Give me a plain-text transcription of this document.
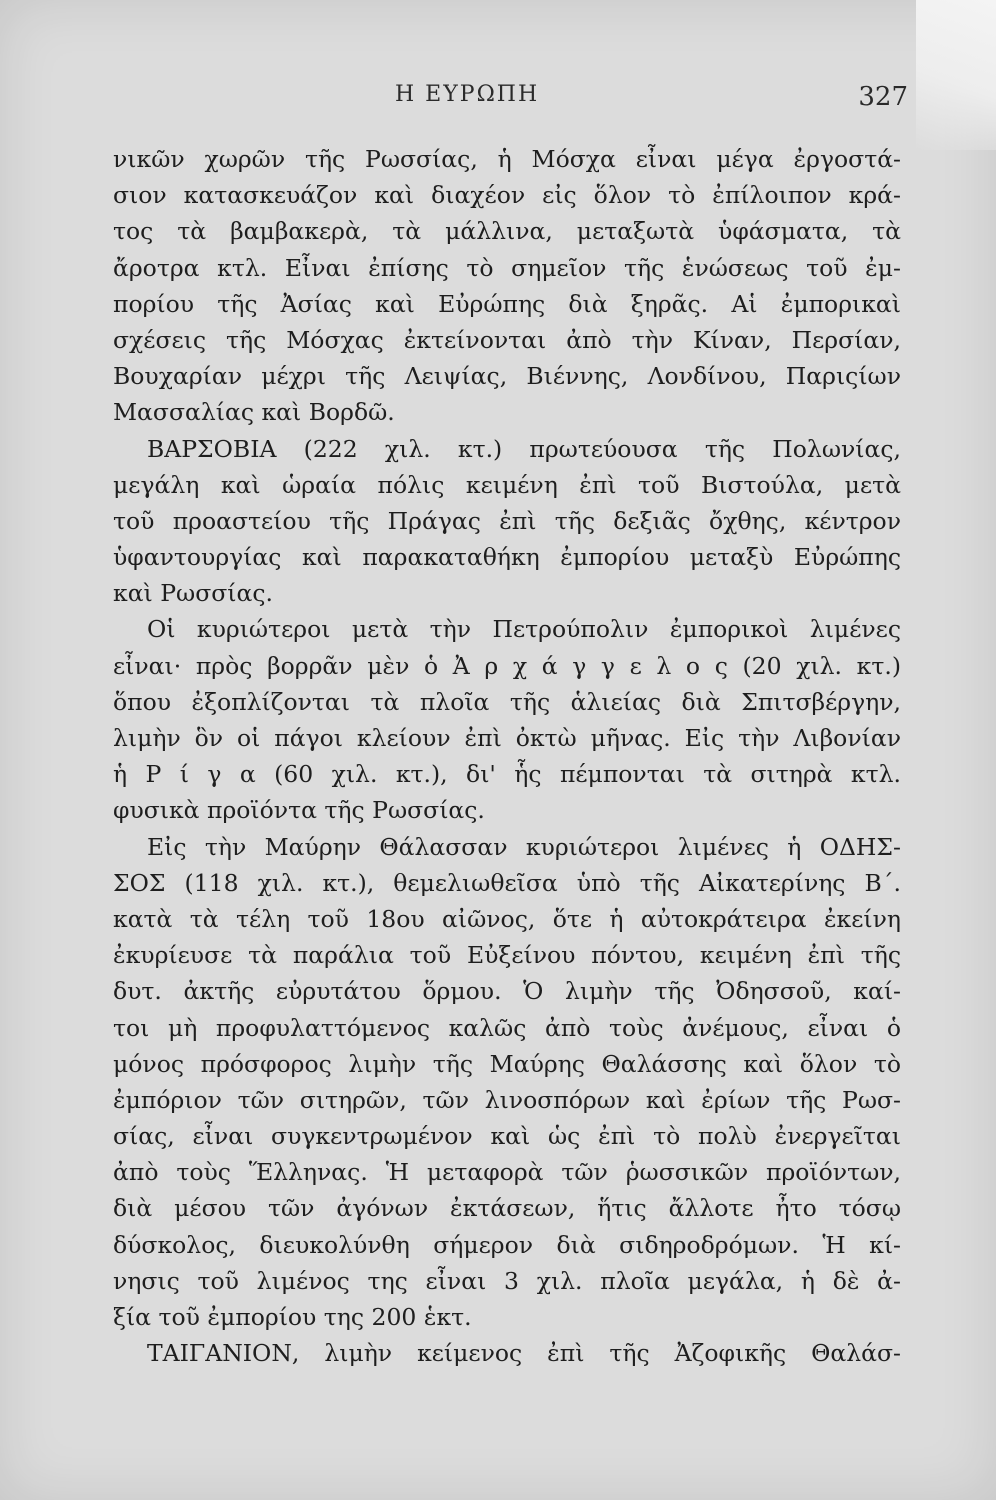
Η ΕΥΡΩΠΗ	327
νικῶν χωρῶν τῆς Ρωσσίας, ἡ Μόσχα εἶναι μέγα ἐργοστά-
σιον κατασκευάζον καὶ διαχέον εἰς ὅλον τὸ ἐπίλοιπον κρά-
τος τὰ βαμβακερὰ, τὰ μάλλινα, μεταξωτὰ ὑφάσματα, τὰ
ἄροτρα κτλ. Εἶναι ἐπίσης τὸ σημεῖον τῆς ἑνώσεως τοῦ ἐμ-
πορίου τῆς Ἀσίας καὶ Εὐρώπης διὰ ξηρᾶς. Αἱ ἐμπορικαὶ
σχέσεις τῆς Μόσχας ἐκτείνονται ἀπὸ τὴν Κίναν, Περσίαν,
Βουχαρίαν μέχρι τῆς Λειψίας, Βιέννης, Λονδίνου, Παριςίων
Μασσαλίας καὶ Βορδῶ.
ΒΑΡΣΟΒΙΑ (222 χιλ. κτ.) πρωτεύουσα τῆς Πολωνίας,
μεγάλη καὶ ὡραία πόλις κειμένη ἐπὶ τοῦ Βιστούλα, μετὰ
τοῦ προαστείου τῆς Πράγας ἐπὶ τῆς δεξιᾶς ὄχθης, κέντρον
ὑφαντουργίας καὶ παρακαταθήκη ἐμπορίου μεταξὺ Εὐρώπης
καὶ Ρωσσίας.
Οἱ κυριώτεροι μετὰ τὴν Πετρούπολιν ἐμπορικοὶ λιμένες
εἶναι· πρὸς βορρᾶν μὲν ὁ Ἀ ρ χ ά γ γ ε λ ο ς (20 χιλ. κτ.)
ὅπου ἐξοπλίζονται τὰ πλοῖα τῆς ἁλιείας διὰ Σπιτσβέργην,
λιμὴν ὃν οἱ πάγοι κλείουν ἐπὶ ὀκτὼ μῆνας. Εἰς τὴν Λιβονίαν
ἡ Ρ ί γ α (60 χιλ. κτ.), δι' ἧς πέμπονται τὰ σιτηρὰ κτλ.
φυσικὰ προϊόντα τῆς Ρωσσίας.
Εἰς τὴν Μαύρην Θάλασσαν κυριώτεροι λιμένες ἡ ΟΔΗΣ-
ΣΟΣ (118 χιλ. κτ.), θεμελιωθεῖσα ὑπὸ τῆς Αἰκατερίνης Β΄.
κατὰ τὰ τέλη τοῦ 18ου αἰῶνος, ὅτε ἡ αὐτοκράτειρα ἐκείνη
ἐκυρίευσε τὰ παράλια τοῦ Εὐξείνου πόντου, κειμένη ἐπὶ τῆς
δυτ. ἀκτῆς εὐρυτάτου ὅρμου. Ὁ λιμὴν τῆς Ὀδησσοῦ, καί-
τοι μὴ προφυλαττόμενος καλῶς ἀπὸ τοὺς ἀνέμους, εἶναι ὁ
μόνος πρόσφορος λιμὴν τῆς Μαύρης Θαλάσσης καὶ ὅλον τὸ
ἐμπόριον τῶν σιτηρῶν, τῶν λινοσπόρων καὶ ἐρίων τῆς Ρωσ-
σίας, εἶναι συγκεντρωμένον καὶ ὡς ἐπὶ τὸ πολὺ ἐνεργεῖται
ἀπὸ τοὺς Ἕλληνας. Ἡ μεταφορὰ τῶν ῥωσσικῶν προϊόντων,
διὰ μέσου τῶν ἀγόνων ἐκτάσεων, ἥτις ἄλλοτε ἦτο τόσῳ
δύσκολος, διευκολύνθη σήμερον διὰ σιδηροδρόμων. Ἡ κί-
νησις τοῦ λιμένος της εἶναι 3 χιλ. πλοῖα μεγάλα, ἡ δὲ ἀ-
ξία τοῦ ἐμπορίου της 200 ἑκτ.
ΤΑΙΓΑΝΙΟΝ, λιμὴν κείμενος ἐπὶ τῆς Ἀζοφικῆς Θαλάσ-
